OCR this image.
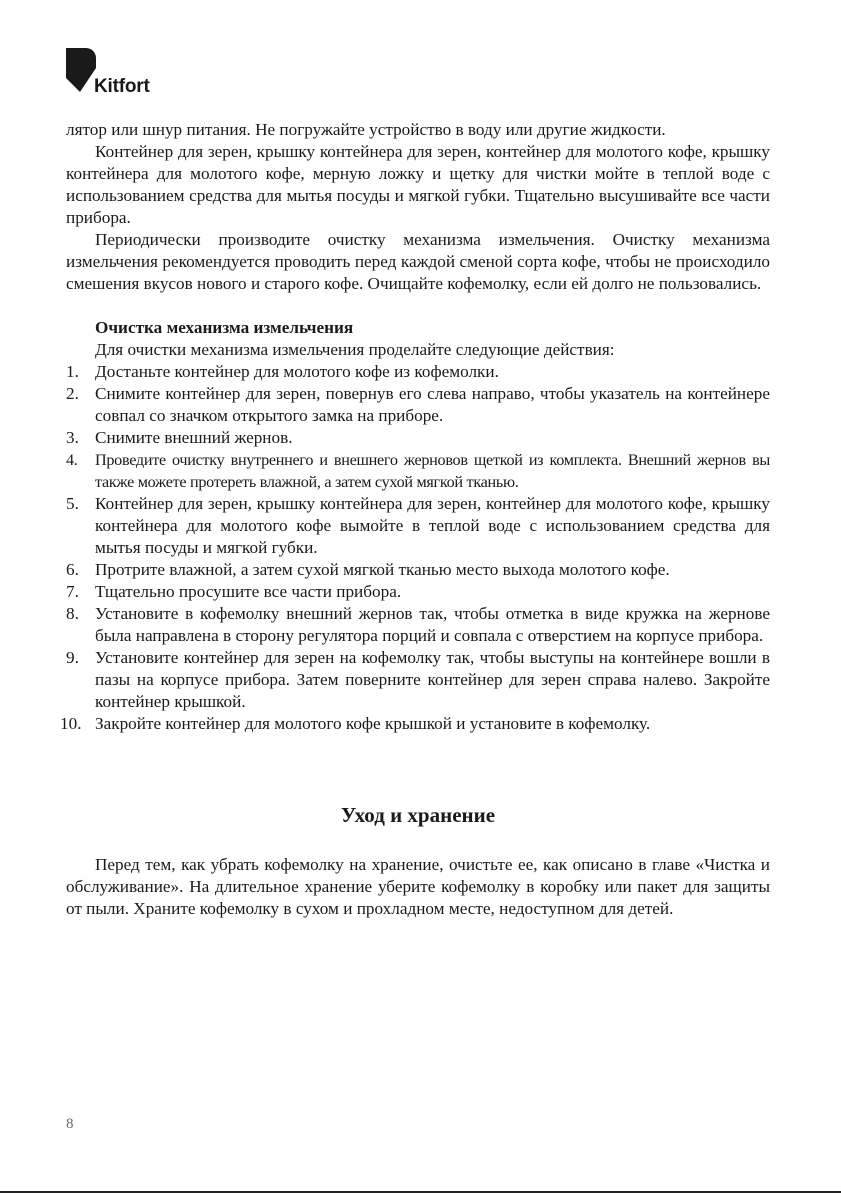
Kitfort

лятор или шнур питания. Не погружайте устройство в воду или другие жидкости.

Контейнер для зерен, крышку контейнера для зерен, контейнер для молотого кофе, крышку контейнера для молотого кофе, мерную ложку и щетку для чистки мойте в теплой воде с использованием средства для мытья посуды и мягкой губки. Тщательно высушивайте все части прибора.

Периодически производите очистку механизма измельчения. Очистку механизма измельчения рекомендуется проводить перед каждой сменой сорта кофе, чтобы не происходило смешения вкусов нового и старого кофе. Очищайте кофемолку, если ей долго не пользовались.

Очистка механизма измельчения

Для очистки механизма измельчения проделайте следующие действия:

1. Достаньте контейнер для молотого кофе из кофемолки.
2. Снимите контейнер для зерен, повернув его слева направо, чтобы указатель на контейнере совпал со значком открытого замка на приборе.
3. Снимите внешний жернов.
4.	Проведите очистку внутреннего и внешнего жерновов щеткой из комплекта. Внешний жернов вы также можете протереть влажной, а затем сухой мягкой тканью.
5. Контейнер для зерен, крышку контейнера для зерен, контейнер для молотого кофе, крышку контейнера для молотого кофе вымойте в теплой воде с использованием средства для мытья посуды и мягкой губки.
6. Протрите влажной, а затем сухой мягкой тканью место выхода молотого кофе.
7. Тщательно просушите все части прибора.
8. Установите в кофемолку внешний жернов так, чтобы отметка в виде кружка на жернове была направлена в сторону регулятора порций и совпала с отверстием на корпусе прибора.
9. Установите контейнер для зерен на кофемолку так, чтобы выступы на контейнере вошли в пазы на корпусе прибора. Затем поверните контейнер для зерен справа налево. Закройте контейнер крышкой.
10. Закройте контейнер для молотого кофе крышкой и установите в кофемолку.
Уход и хранение

Перед тем, как убрать кофемолку на хранение, очистьте ее, как описано в главе «Чистка и обслуживание». На длительное хранение уберите кофемолку в коробку или пакет для защиты от пыли. Храните кофемолку в сухом и прохладном месте, недоступном для детей.

8
